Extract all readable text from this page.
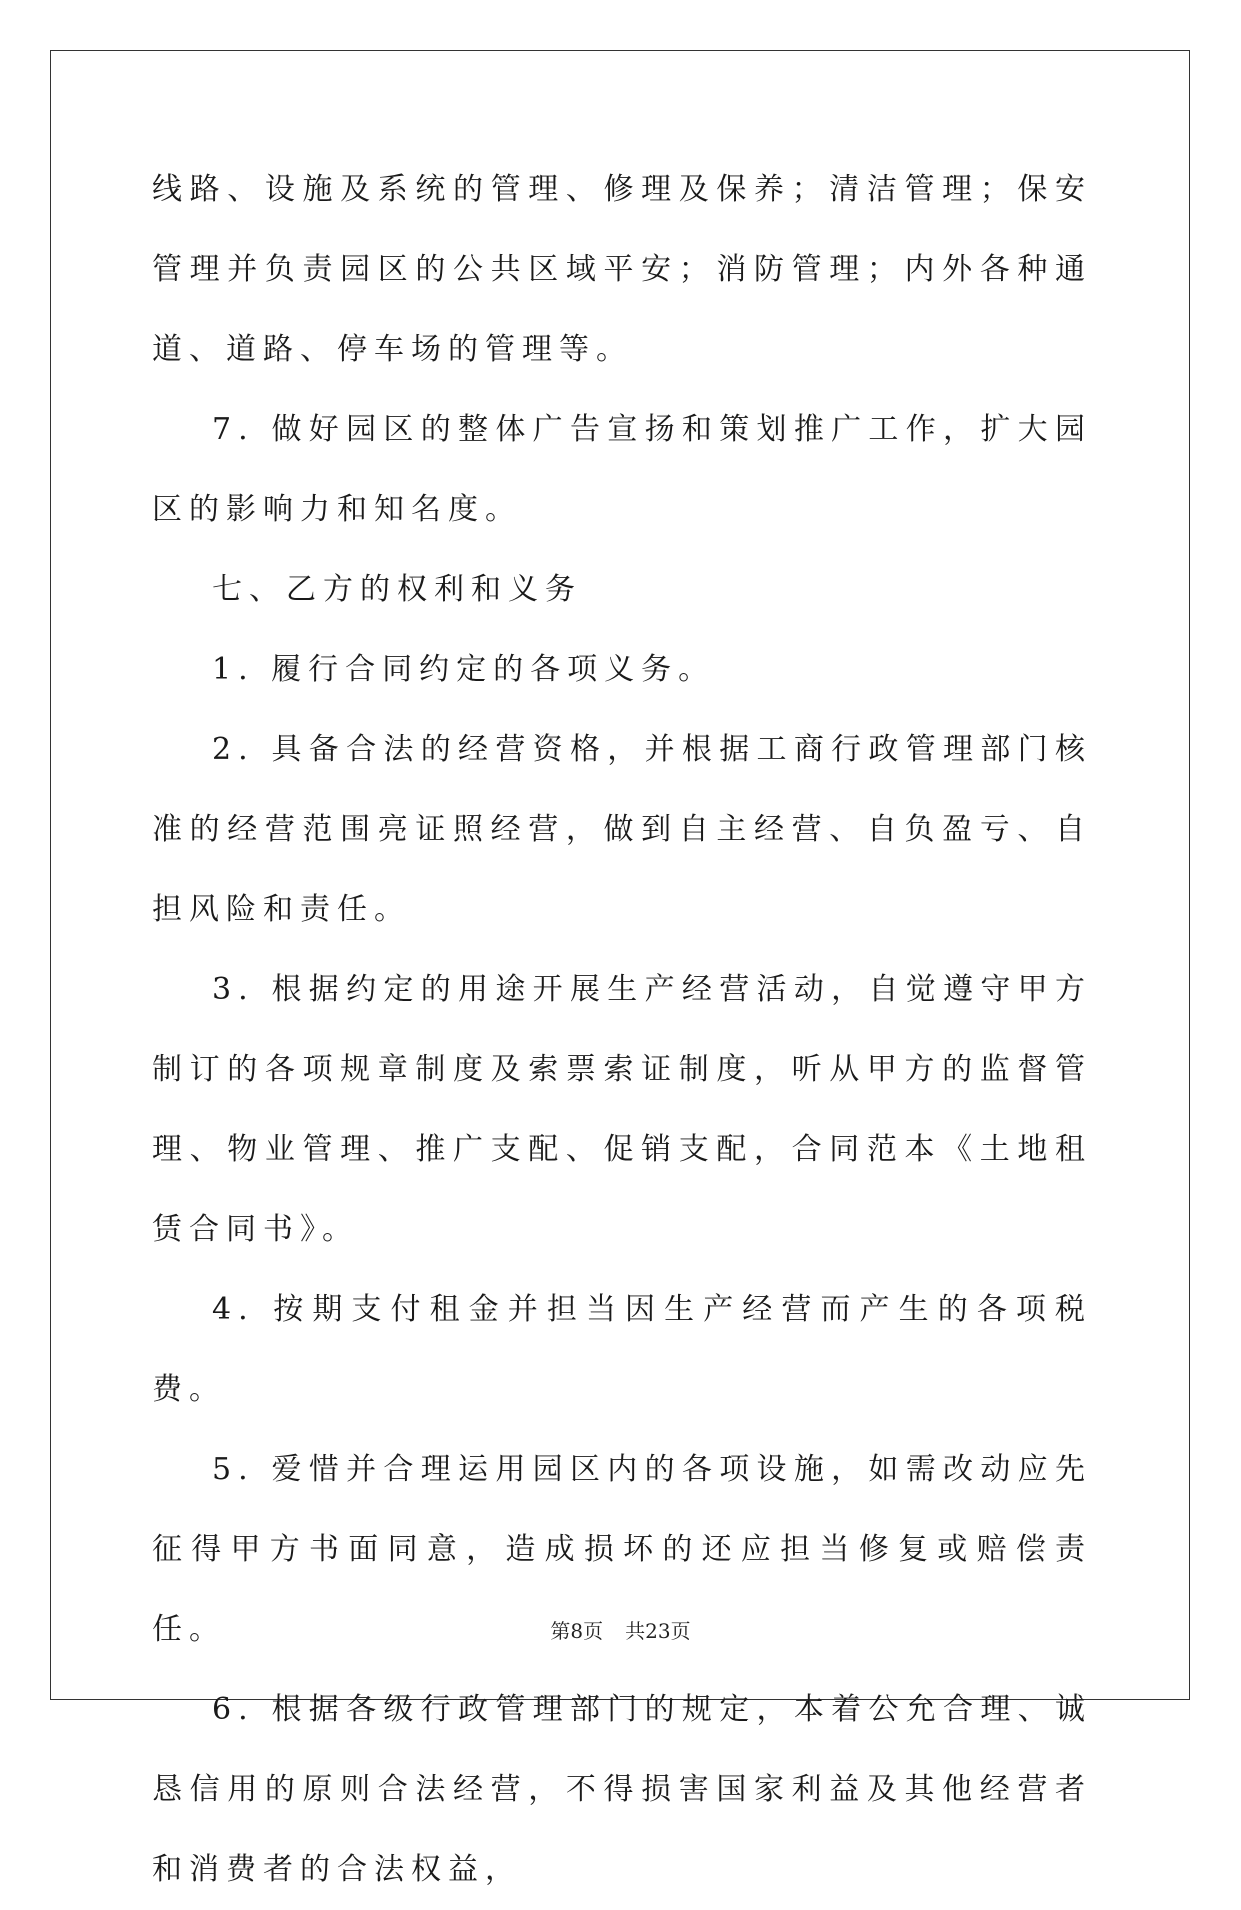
线路、设施及系统的管理、修理及保养；清洁管理；保安管理并负责园区的公共区域平安；消防管理；内外各种通道、道路、停车场的管理等。

7. 做好园区的整体广告宣扬和策划推广工作，扩大园区的影响力和知名度。

七、乙方的权利和义务

1. 履行合同约定的各项义务。

2. 具备合法的经营资格，并根据工商行政管理部门核准的经营范围亮证照经营，做到自主经营、自负盈亏、自担风险和责任。

3. 根据约定的用途开展生产经营活动，自觉遵守甲方制订的各项规章制度及索票索证制度，听从甲方的监督管理、物业管理、推广支配、促销支配，合同范本《土地租赁合同书》。

4. 按期支付租金并担当因生产经营而产生的各项税费。

5. 爱惜并合理运用园区内的各项设施，如需改动应先征得甲方书面同意，造成损坏的还应担当修复或赔偿责任。

6. 根据各级行政管理部门的规定，本着公允合理、诚恳信用的原则合法经营，不得损害国家利益及其他经营者和消费者的合法权益，

第8页 共23页
